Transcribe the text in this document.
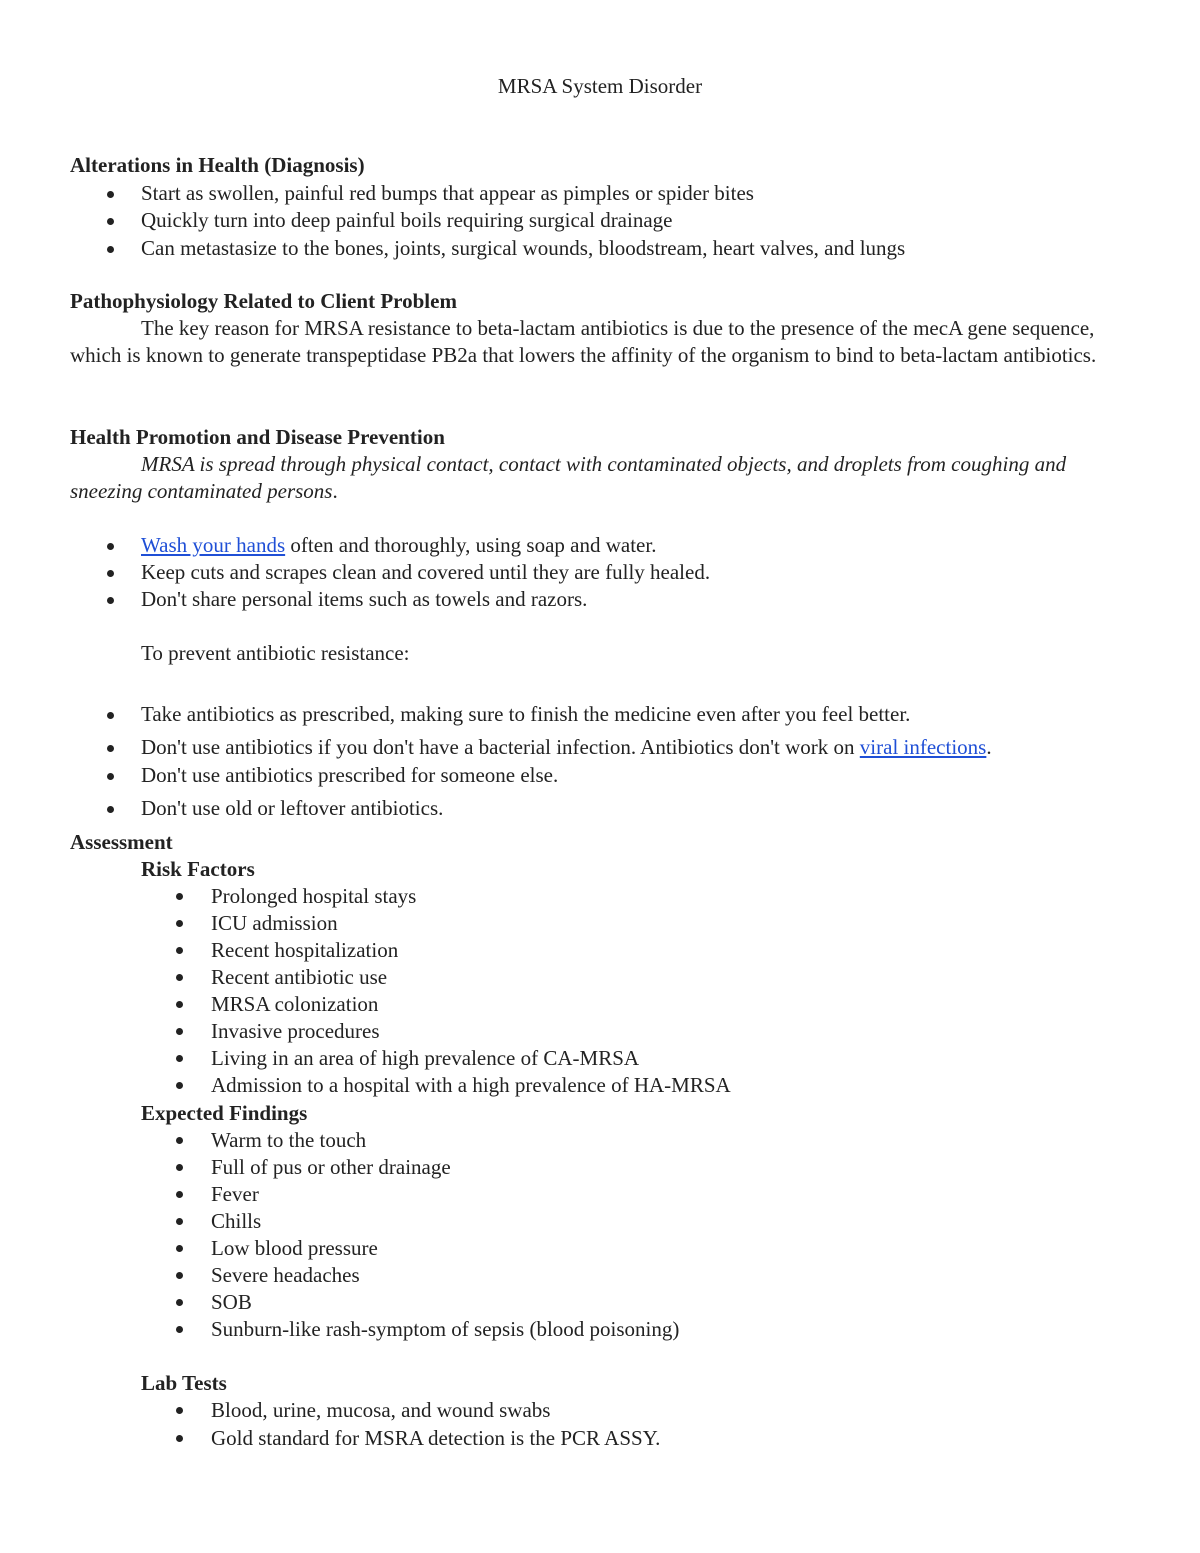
MRSA System Disorder
Alterations in Health (Diagnosis)
Start as swollen, painful red bumps that appear as pimples or spider bites
Quickly turn into deep painful boils requiring surgical drainage
Can metastasize to the bones, joints, surgical wounds, bloodstream, heart valves, and lungs
Pathophysiology Related to Client Problem
The key reason for MRSA resistance to beta-lactam antibiotics is due to the presence of the mecA gene sequence, which is known to generate transpeptidase PB2a that lowers the affinity of the organism to bind to beta-lactam antibiotics.
Health Promotion and Disease Prevention
MRSA is spread through physical contact, contact with contaminated objects, and droplets from coughing and sneezing contaminated persons.
Wash your hands often and thoroughly, using soap and water.
Keep cuts and scrapes clean and covered until they are fully healed.
Don't share personal items such as towels and razors.
To prevent antibiotic resistance:
Take antibiotics as prescribed, making sure to finish the medicine even after you feel better.
Don't use antibiotics if you don't have a bacterial infection. Antibiotics don't work on viral infections.
Don't use antibiotics prescribed for someone else.
Don't use old or leftover antibiotics.
Assessment
Risk Factors
Prolonged hospital stays
ICU admission
Recent hospitalization
Recent antibiotic use
MRSA colonization
Invasive procedures
Living in an area of high prevalence of CA-MRSA
Admission to a hospital with a high prevalence of HA-MRSA
Expected Findings
Warm to the touch
Full of pus or other drainage
Fever
Chills
Low blood pressure
Severe headaches
SOB
Sunburn-like rash-symptom of sepsis (blood poisoning)
Lab Tests
Blood, urine, mucosa, and wound swabs
Gold standard for MSRA detection is the PCR ASSY.
